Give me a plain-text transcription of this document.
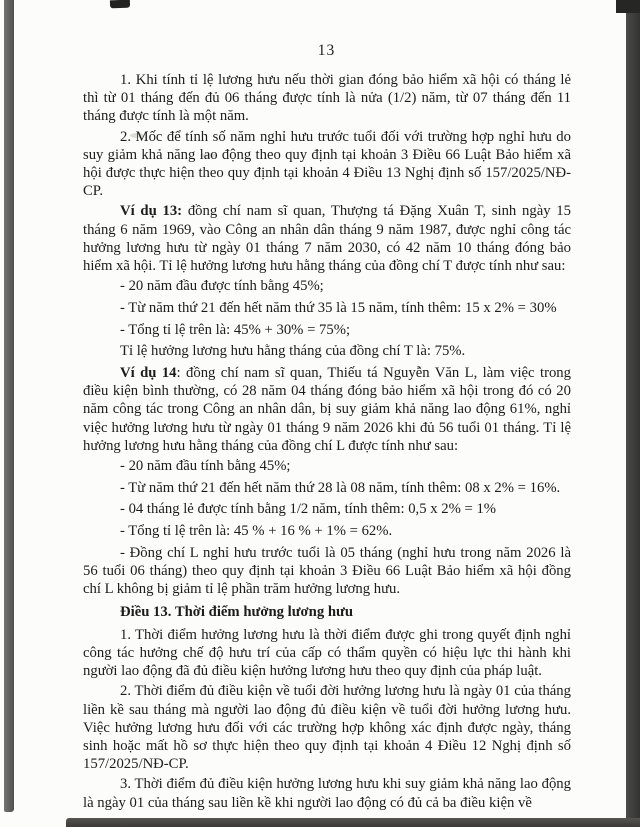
13

1. Khi tính tỉ lệ lương hưu nếu thời gian đóng bảo hiểm xã hội có tháng lẻ thì từ 01 tháng đến đủ 06 tháng được tính là nửa (1/2) năm, từ 07 tháng đến 11 tháng được tính là một năm.

2. Mốc để tính số năm nghỉ hưu trước tuổi đối với trường hợp nghỉ hưu do suy giảm khả năng lao động theo quy định tại khoản 3 Điều 66 Luật Bảo hiểm xã hội được thực hiện theo quy định tại khoản 4 Điều 13 Nghị định số 157/2025/NĐ-CP.

Ví dụ 13: đồng chí nam sĩ quan, Thượng tá Đặng Xuân T, sinh ngày 15 tháng 6 năm 1969, vào Công an nhân dân tháng 9 năm 1987, được nghỉ công tác hưởng lương hưu từ ngày 01 tháng 7 năm 2030, có 42 năm 10 tháng đóng bảo hiểm xã hội. Tỉ lệ hưởng lương hưu hằng tháng của đồng chí T được tính như sau:

- 20 năm đầu được tính bằng 45%;

- Từ năm thứ 21 đến hết năm thứ 35 là 15 năm, tính thêm: 15 x 2% = 30%

- Tổng tỉ lệ trên là: 45% + 30% = 75%;

Tỉ lệ hưởng lương hưu hằng tháng của đồng chí T là: 75%.

Ví dụ 14: đồng chí nam sĩ quan, Thiếu tá Nguyễn Văn L, làm việc trong điều kiện bình thường, có 28 năm 04 tháng đóng bảo hiểm xã hội trong đó có 20 năm công tác trong Công an nhân dân, bị suy giảm khả năng lao động 61%, nghỉ việc hưởng lương hưu từ ngày 01 tháng 9 năm 2026 khi đủ 56 tuổi 01 tháng. Tỉ lệ hưởng lương hưu hằng tháng của đồng chí L được tính như sau:

- 20 năm đầu tính bằng 45%;

- Từ năm thứ 21 đến hết năm thứ 28 là 08 năm, tính thêm: 08 x 2% = 16%.

- 04 tháng lẻ được tính bằng 1/2 năm, tính thêm: 0,5 x 2% = 1%

- Tổng tỉ lệ trên là: 45 % + 16 % + 1% = 62%.

- Đồng chí L nghỉ hưu trước tuổi là 05 tháng (nghỉ hưu trong năm 2026 là 56 tuổi 06 tháng) theo quy định tại khoản 3 Điều 66 Luật Bảo hiểm xã hội đồng chí L không bị giảm tỉ lệ phần trăm hưởng lương hưu.

Điều 13. Thời điểm hưởng lương hưu

1. Thời điểm hưởng lương hưu là thời điểm được ghi trong quyết định nghỉ công tác hưởng chế độ hưu trí của cấp có thẩm quyền có hiệu lực thi hành khi người lao động đã đủ điều kiện hưởng lương hưu theo quy định của pháp luật.

2. Thời điểm đủ điều kiện về tuổi đời hưởng lương hưu là ngày 01 của tháng liền kề sau tháng mà người lao động đủ điều kiện về tuổi đời hưởng lương hưu. Việc hưởng lương hưu đối với các trường hợp không xác định được ngày, tháng sinh hoặc mất hồ sơ thực hiện theo quy định tại khoản 4 Điều 12 Nghị định số 157/2025/NĐ-CP.

3. Thời điểm đủ điều kiện hưởng lương hưu khi suy giảm khả năng lao động là ngày 01 của tháng sau liền kề khi người lao động có đủ cả ba điều kiện về
